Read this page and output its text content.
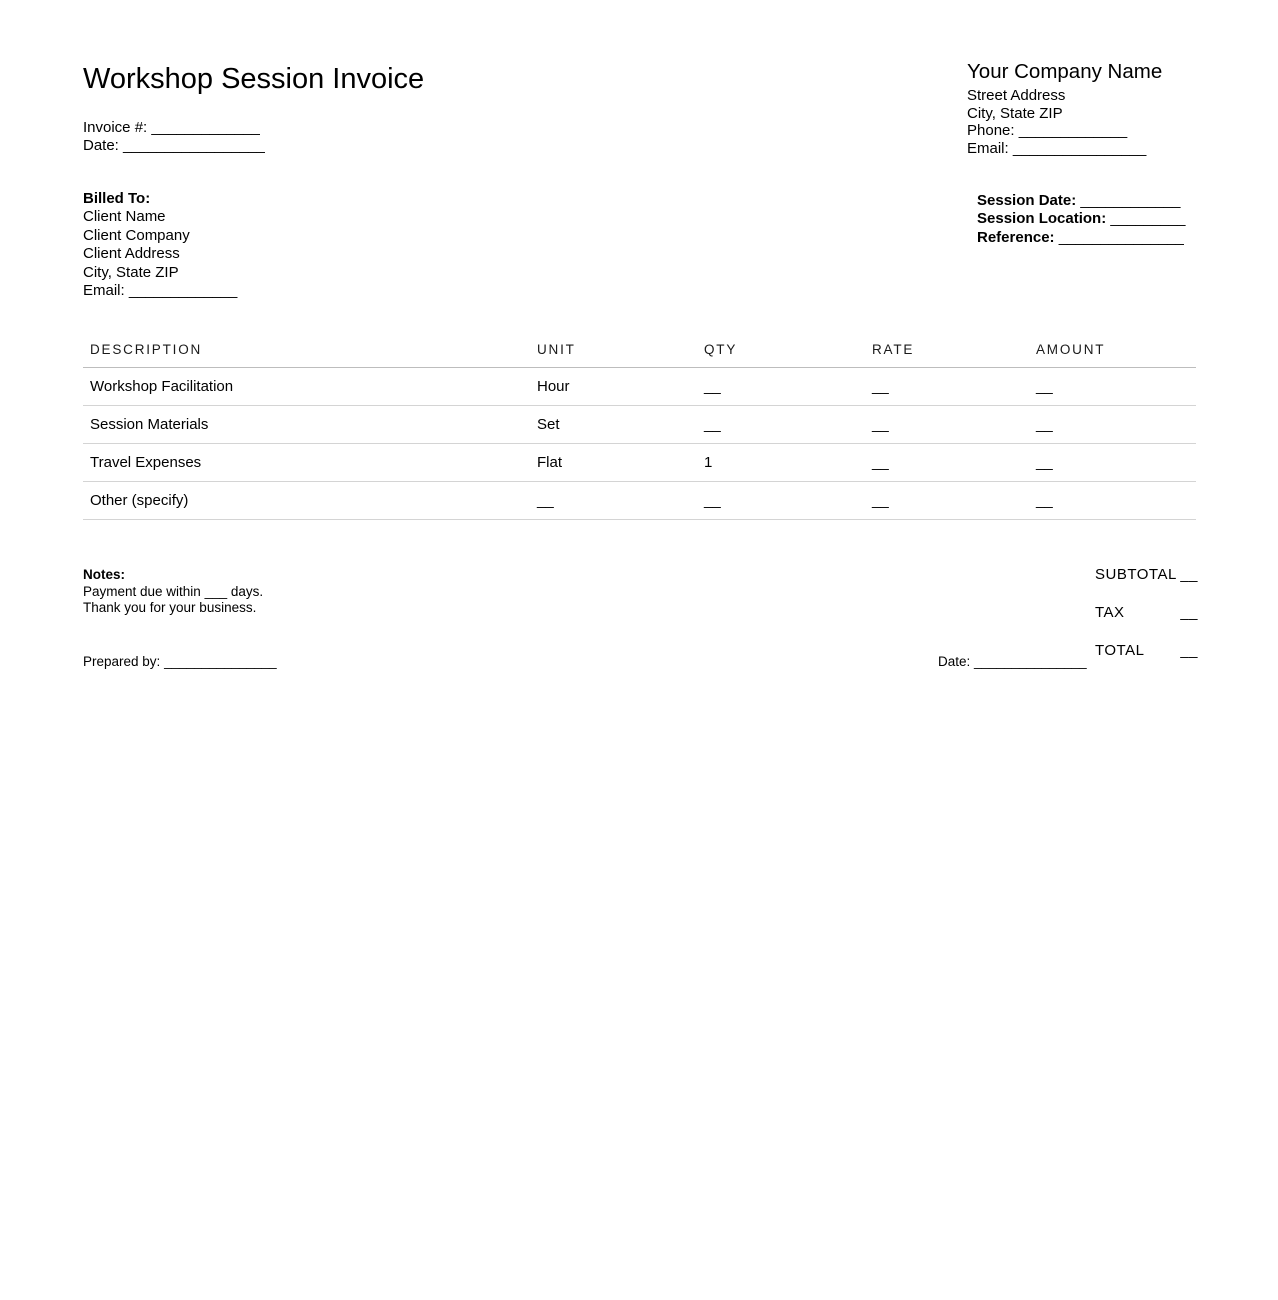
Workshop Session Invoice
Invoice #: _____________
Date: _________________
Your Company Name
Street Address
City, State ZIP
Phone: _____________
Email: ________________
Billed To:
Client Name
Client Company
Client Address
City, State ZIP
Email: _____________
Session Date: ____________
Session Location: _________
Reference: _______________
DESCRIPTION	UNIT	QTY	RATE	AMOUNT
Workshop Facilitation	Hour	__	__	__
Session Materials	Set	__	__	__
Travel Expenses	Flat	1	__	__
Other (specify)	__	__	__	__
Notes:
Payment due within ___ days.
Thank you for your business.
SUBTOTAL __
TAX	__
TOTAL __
Prepared by: _______________	Date: _______________
